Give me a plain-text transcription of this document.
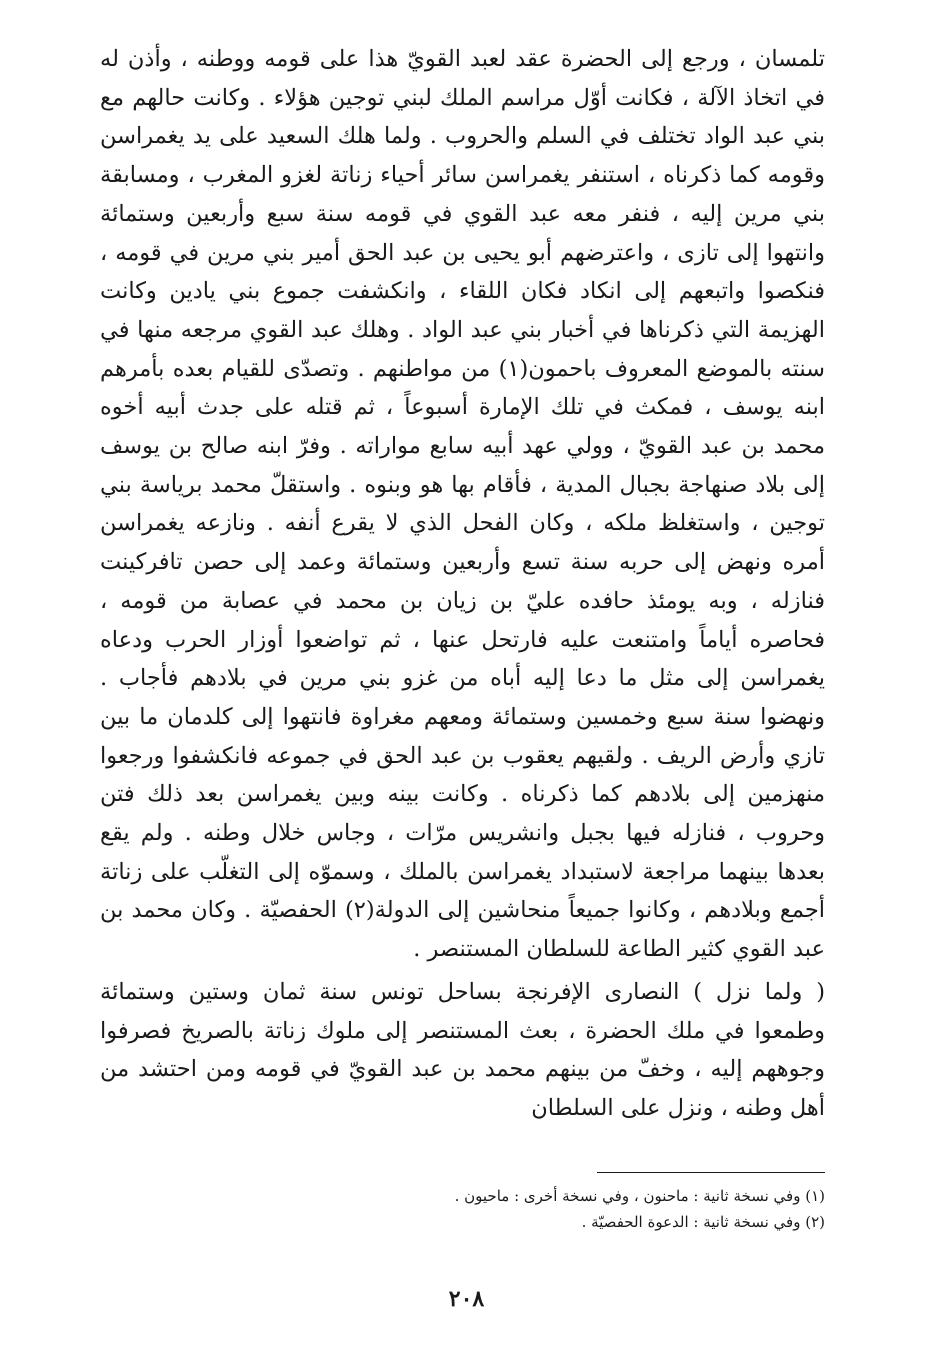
تلمسان ، ورجع إلى الحضرة عقد لعبد القويّ هذا على قومه ووطنه ، وأذن له في اتخاذ الآلة ، فكانت أوّل مراسم الملك لبني توجين هؤلاء . وكانت حالهم مع بني عبد الواد تختلف في السلم والحروب . ولما هلك السعيد على يد يغمراسن وقومه كما ذكرناه ، استنفر يغمراسن سائر أحياء زناتة لغزو المغرب ، ومسابقة بني مرين إليه ، فنفر معه عبد القوي في قومه سنة سبع وأربعين وستمائة وانتهوا إلى تازى ، واعترضهم أبو يحيى بن عبد الحق أمير بني مرين في قومه ، فنكصوا واتبعهم إلى انكاد فكان اللقاء ، وانكشفت جموع بني يادين وكانت الهزيمة التي ذكرناها في أخبار بني عبد الواد . وهلك عبد القوي مرجعه منها في سنته بالموضع المعروف باحمون(١) من مواطنهم . وتصدّى للقيام بعده بأمرهم ابنه يوسف ، فمكث في تلك الإمارة أسبوعاً ، ثم قتله على جدث أبيه أخوه محمد بن عبد القويّ ، وولي عهد أبيه سابع مواراته . وفرّ ابنه صالح بن يوسف إلى بلاد صنهاجة بجبال المدية ، فأقام بها هو وبنوه . واستقلّ محمد برياسة بني توجين ، واستغلظ ملكه ، وكان الفحل الذي لا يقرع أنفه . ونازعه يغمراسن أمره ونهض إلى حربه سنة تسع وأربعين وستمائة وعمد إلى حصن تافركينت فنازله ، وبه يومئذ حافده عليّ بن زيان بن محمد في عصابة من قومه ، فحاصره أياماً وامتنعت عليه فارتحل عنها ، ثم تواضعوا أوزار الحرب ودعاه يغمراسن إلى مثل ما دعا إليه أباه من غزو بني مرين في بلادهم فأجاب . ونهضوا سنة سبع وخمسين وستمائة ومعهم مغراوة فانتهوا إلى كلدمان ما بين تازي وأرض الريف . ولقيهم يعقوب بن عبد الحق في جموعه فانكشفوا ورجعوا منهزمين إلى بلادهم كما ذكرناه . وكانت بينه وبين يغمراسن بعد ذلك فتن وحروب ، فنازله فيها بجبل وانشريس مرّات ، وجاس خلال وطنه . ولم يقع بعدها بينهما مراجعة لاستبداد يغمراسن بالملك ، وسموّه إلى التغلّب على زناتة أجمع وبلادهم ، وكانوا جميعاً منحاشين إلى الدولة(٢) الحفصيّة . وكان محمد بن عبد القوي كثير الطاعة للسلطان المستنصر .

( ولما نزل ) النصارى الإفرنجة بساحل تونس سنة ثمان وستين وستمائة وطمعوا في ملك الحضرة ، بعث المستنصر إلى ملوك زناتة بالصريخ فصرفوا وجوههم إليه ، وخفّ من بينهم محمد بن عبد القويّ في قومه ومن احتشد من أهل وطنه ، ونزل على السلطان

(١) وفي نسخة ثانية : ماحنون ، وفي نسخة أخرى : ماحيون .

(٢) وفي نسخة ثانية : الدعوة الحفصيّة .

٢٠٨
